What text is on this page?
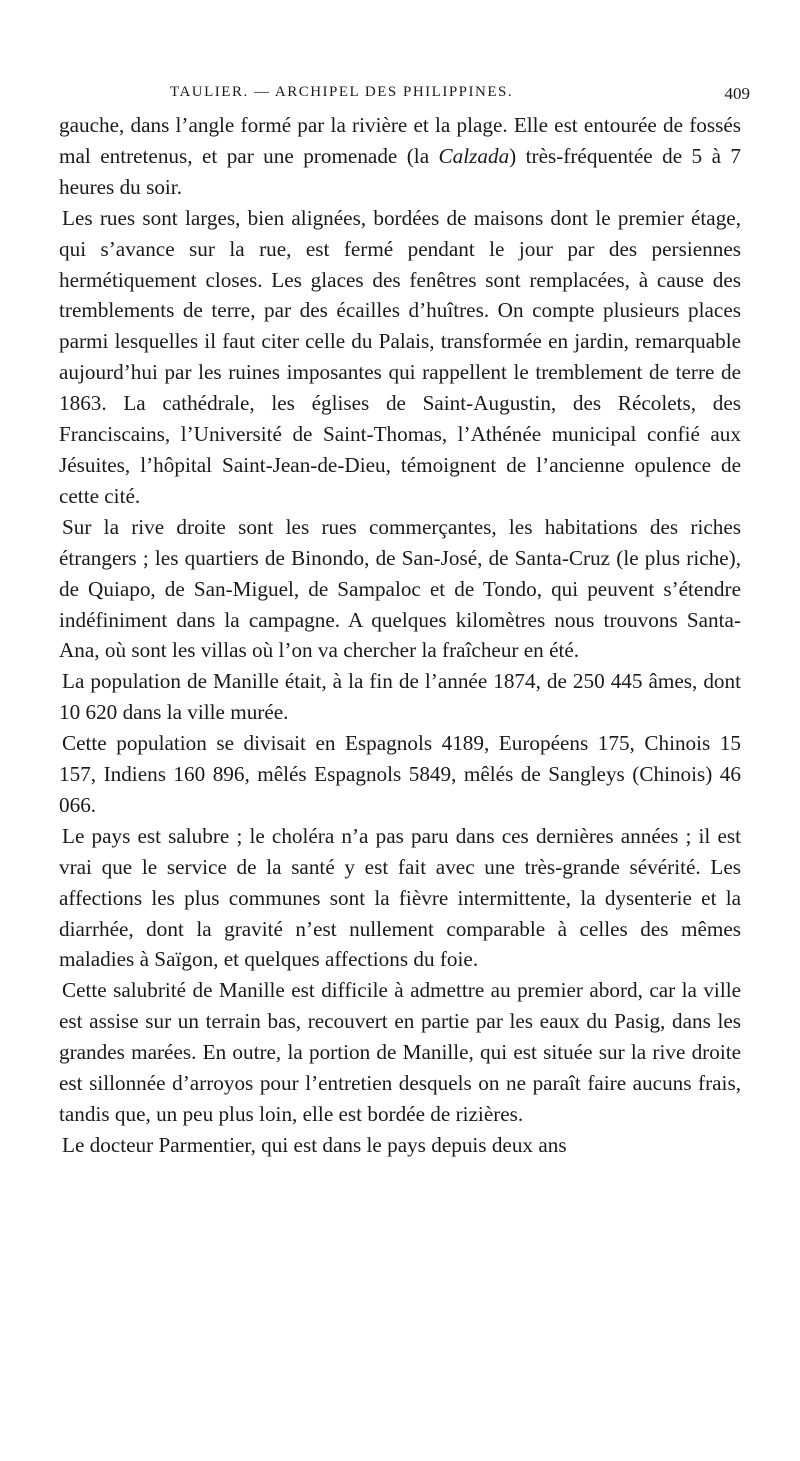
TAULIER. — ARCHIPEL DES PHILIPPINES.	409

gauche, dans l’angle formé par la rivière et la plage. Elle est entourée de fossés mal entretenus, et par une promenade (la Calzada) très-fréquentée de 5 à 7 heures du soir.

Les rues sont larges, bien alignées, bordées de maisons dont le premier étage, qui s’avance sur la rue, est fermé pendant le jour par des persiennes hermétiquement closes. Les glaces des fenêtres sont remplacées, à cause des tremblements de terre, par des écailles d’huîtres. On compte plusieurs places parmi lesquelles il faut citer celle du Palais, transformée en jardin, remarquable aujourd’hui par les ruines imposantes qui rappellent le tremblement de terre de 1863. La cathédrale, les églises de Saint-Augustin, des Récolets, des Franciscains, l’Université de Saint-Thomas, l’Athénée municipal confié aux Jésuites, l’hôpital Saint-Jean-de-Dieu, témoignent de l’ancienne opulence de cette cité.

Sur la rive droite sont les rues commerçantes, les habitations des riches étrangers ; les quartiers de Binondo, de San-José, de Santa-Cruz (le plus riche), de Quiapo, de San-Miguel, de Sampaloc et de Tondo, qui peuvent s’étendre indéfiniment dans la campagne. A quelques kilomètres nous trouvons Santa-Ana, où sont les villas où l’on va chercher la fraîcheur en été.

La population de Manille était, à la fin de l’année 1874, de 250 445 âmes, dont 10 620 dans la ville murée.

Cette population se divisait en Espagnols 4189, Européens 175, Chinois 15 157, Indiens 160 896, mêlés Espagnols 5849, mêlés de Sangleys (Chinois) 46 066.

Le pays est salubre ; le choléra n’a pas paru dans ces dernières années ; il est vrai que le service de la santé y est fait avec une très-grande sévérité. Les affections les plus communes sont la fièvre intermittente, la dysenterie et la diarrhée, dont la gravité n’est nullement comparable à celles des mêmes maladies à Saïgon, et quelques affections du foie.

Cette salubrité de Manille est difficile à admettre au premier abord, car la ville est assise sur un terrain bas, recouvert en partie par les eaux du Pasig, dans les grandes marées. En outre, la portion de Manille, qui est située sur la rive droite est sillonnée d’arroyos pour l’entretien desquels on ne paraît faire aucuns frais, tandis que, un peu plus loin, elle est bordée de rizières.

Le docteur Parmentier, qui est dans le pays depuis deux ans
